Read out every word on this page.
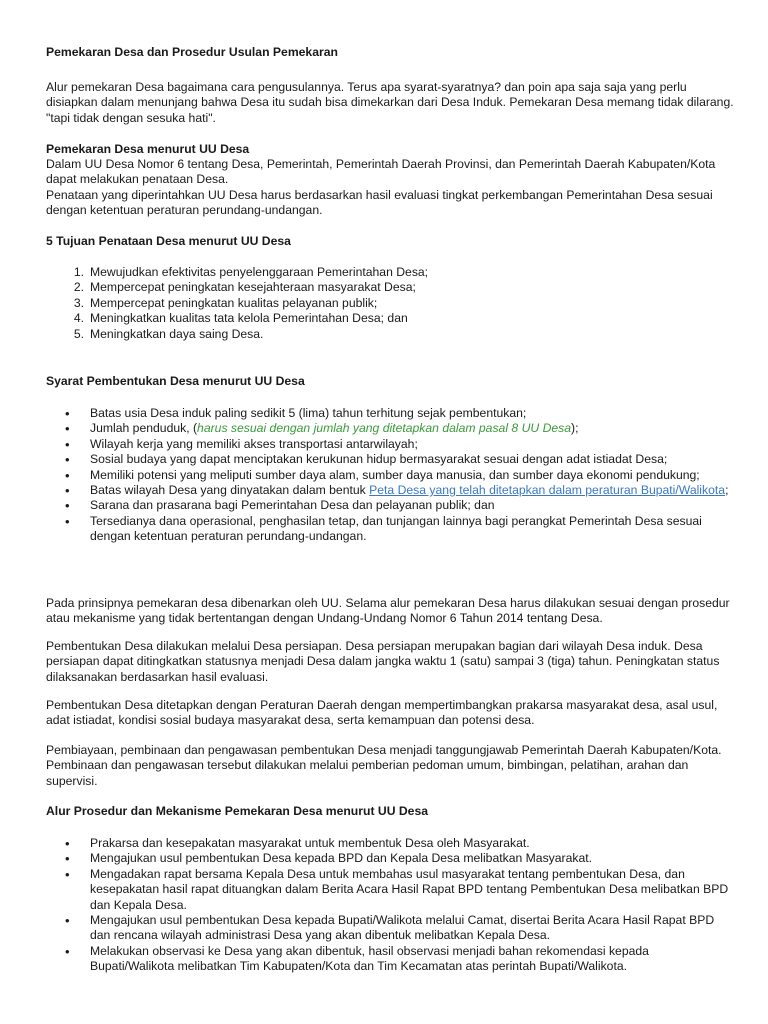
Pemekaran Desa dan Prosedur Usulan Pemekaran

Alur pemekaran Desa bagaimana cara pengusulannya. Terus apa syarat-syaratnya? dan poin apa saja saja yang perlu disiapkan dalam menunjang bahwa Desa itu sudah bisa dimekarkan dari Desa Induk. Pemekaran Desa memang tidak dilarang. "tapi tidak dengan sesuka hati".

Pemekaran Desa menurut UU Desa

Dalam UU Desa Nomor 6 tentang Desa, Pemerintah, Pemerintah Daerah Provinsi, dan Pemerintah Daerah Kabupaten/Kota dapat melakukan penataan Desa.

Penataan yang diperintahkan UU Desa harus berdasarkan hasil evaluasi tingkat perkembangan Pemerintahan Desa sesuai dengan ketentuan peraturan perundang-undangan.

5 Tujuan Penataan Desa menurut UU Desa

1. Mewujudkan efektivitas penyelenggaraan Pemerintahan Desa;
2. Mempercepat peningkatan kesejahteraan masyarakat Desa;
3. Mempercepat peningkatan kualitas pelayanan publik;
4. Meningkatkan kualitas tata kelola Pemerintahan Desa; dan
5. Meningkatkan daya saing Desa.

Syarat Pembentukan Desa menurut UU Desa

• Batas usia Desa induk paling sedikit 5 (lima) tahun terhitung sejak pembentukan;
• Jumlah penduduk, (harus sesuai dengan jumlah yang ditetapkan dalam pasal 8 UU Desa);
• Wilayah kerja yang memiliki akses transportasi antarwilayah;
• Sosial budaya yang dapat menciptakan kerukunan hidup bermasyarakat sesuai dengan adat istiadat Desa;
• Memiliki potensi yang meliputi sumber daya alam, sumber daya manusia, dan sumber daya ekonomi pendukung;
• Batas wilayah Desa yang dinyatakan dalam bentuk Peta Desa yang telah ditetapkan dalam peraturan Bupati/Walikota;
• Sarana dan prasarana bagi Pemerintahan Desa dan pelayanan publik; dan
• Tersedianya dana operasional, penghasilan tetap, dan tunjangan lainnya bagi perangkat Pemerintah Desa sesuai dengan ketentuan peraturan perundang-undangan.

Pada prinsipnya pemekaran desa dibenarkan oleh UU. Selama alur pemekaran Desa harus dilakukan sesuai dengan prosedur atau mekanisme yang tidak bertentangan dengan Undang-Undang Nomor 6 Tahun 2014 tentang Desa.

Pembentukan Desa dilakukan melalui Desa persiapan. Desa persiapan merupakan bagian dari wilayah Desa induk. Desa persiapan dapat ditingkatkan statusnya menjadi Desa dalam jangka waktu 1 (satu) sampai 3 (tiga) tahun. Peningkatan status dilaksanakan berdasarkan hasil evaluasi.

Pembentukan Desa ditetapkan dengan Peraturan Daerah dengan mempertimbangkan prakarsa masyarakat desa, asal usul, adat istiadat, kondisi sosial budaya masyarakat desa, serta kemampuan dan potensi desa.

Pembiayaan, pembinaan dan pengawasan pembentukan Desa menjadi tanggungjawab Pemerintah Daerah Kabupaten/Kota. Pembinaan dan pengawasan tersebut dilakukan melalui pemberian pedoman umum, bimbingan, pelatihan, arahan dan supervisi.

Alur Prosedur dan Mekanisme Pemekaran Desa menurut UU Desa

• Prakarsa dan kesepakatan masyarakat untuk membentuk Desa oleh Masyarakat.
• Mengajukan usul pembentukan Desa kepada BPD dan Kepala Desa melibatkan Masyarakat.
• Mengadakan rapat bersama Kepala Desa untuk membahas usul masyarakat tentang pembentukan Desa, dan kesepakatan hasil rapat dituangkan dalam Berita Acara Hasil Rapat BPD tentang Pembentukan Desa melibatkan BPD dan Kepala Desa.
• Mengajukan usul pembentukan Desa kepada Bupati/Walikota melalui Camat, disertai Berita Acara Hasil Rapat BPD dan rencana wilayah administrasi Desa yang akan dibentuk melibatkan Kepala Desa.
• Melakukan observasi ke Desa yang akan dibentuk, hasil observasi menjadi bahan rekomendasi kepada Bupati/Walikota melibatkan Tim Kabupaten/Kota dan Tim Kecamatan atas perintah Bupati/Walikota.
